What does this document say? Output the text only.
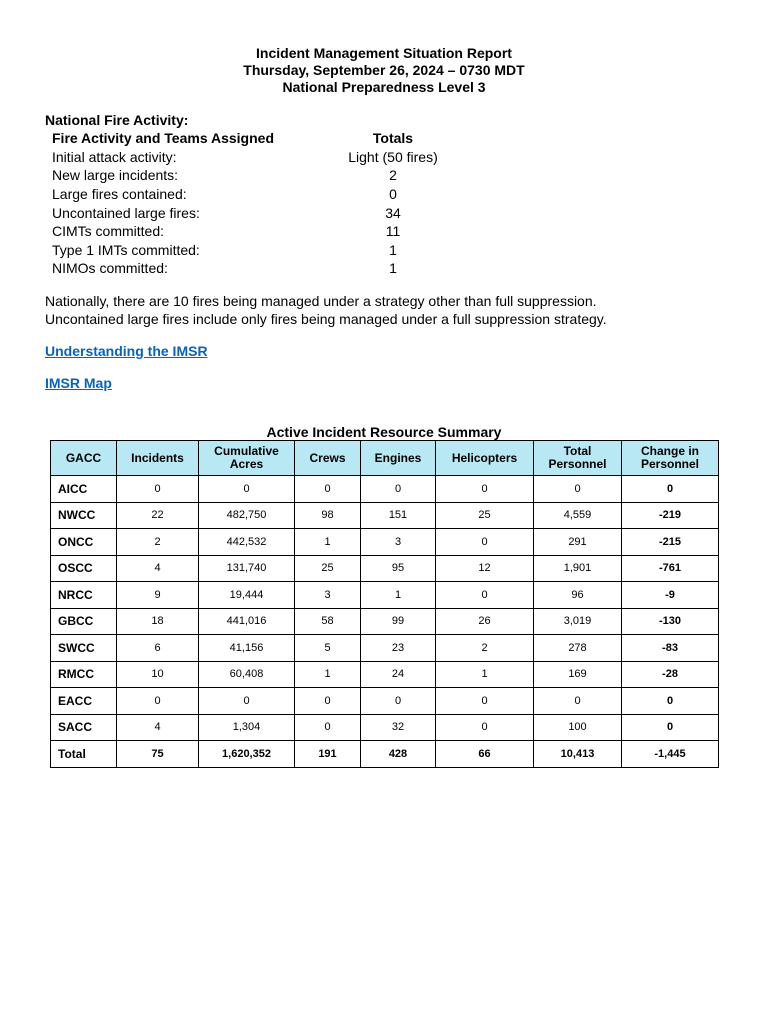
Incident Management Situation Report
Thursday, September 26, 2024 – 0730 MDT
National Preparedness Level 3
National Fire Activity:
Fire Activity and Teams Assigned	Totals
Initial attack activity:	Light (50 fires)
New large incidents:	2
Large fires contained:	0
Uncontained large fires:	34
CIMTs committed:	11
Type 1 IMTs committed:	1
NIMOs committed:	1
Nationally, there are 10 fires being managed under a strategy other than full suppression.
Uncontained large fires include only fires being managed under a full suppression strategy.
Understanding the IMSR
IMSR Map
Active Incident Resource Summary
GACC	Incidents	Cumulative Acres	Crews	Engines	Helicopters	Total Personnel	Change in Personnel
AICC	0	0	0	0	0	0	0
NWCC	22	482,750	98	151	25	4,559	-219
ONCC	2	442,532	1	3	0	291	-215
OSCC	4	131,740	25	95	12	1,901	-761
NRCC	9	19,444	3	1	0	96	-9
GBCC	18	441,016	58	99	26	3,019	-130
SWCC	6	41,156	5	23	2	278	-83
RMCC	10	60,408	1	24	1	169	-28
EACC	0	0	0	0	0	0	0
SACC	4	1,304	0	32	0	100	0
Total	75	1,620,352	191	428	66	10,413	-1,445
